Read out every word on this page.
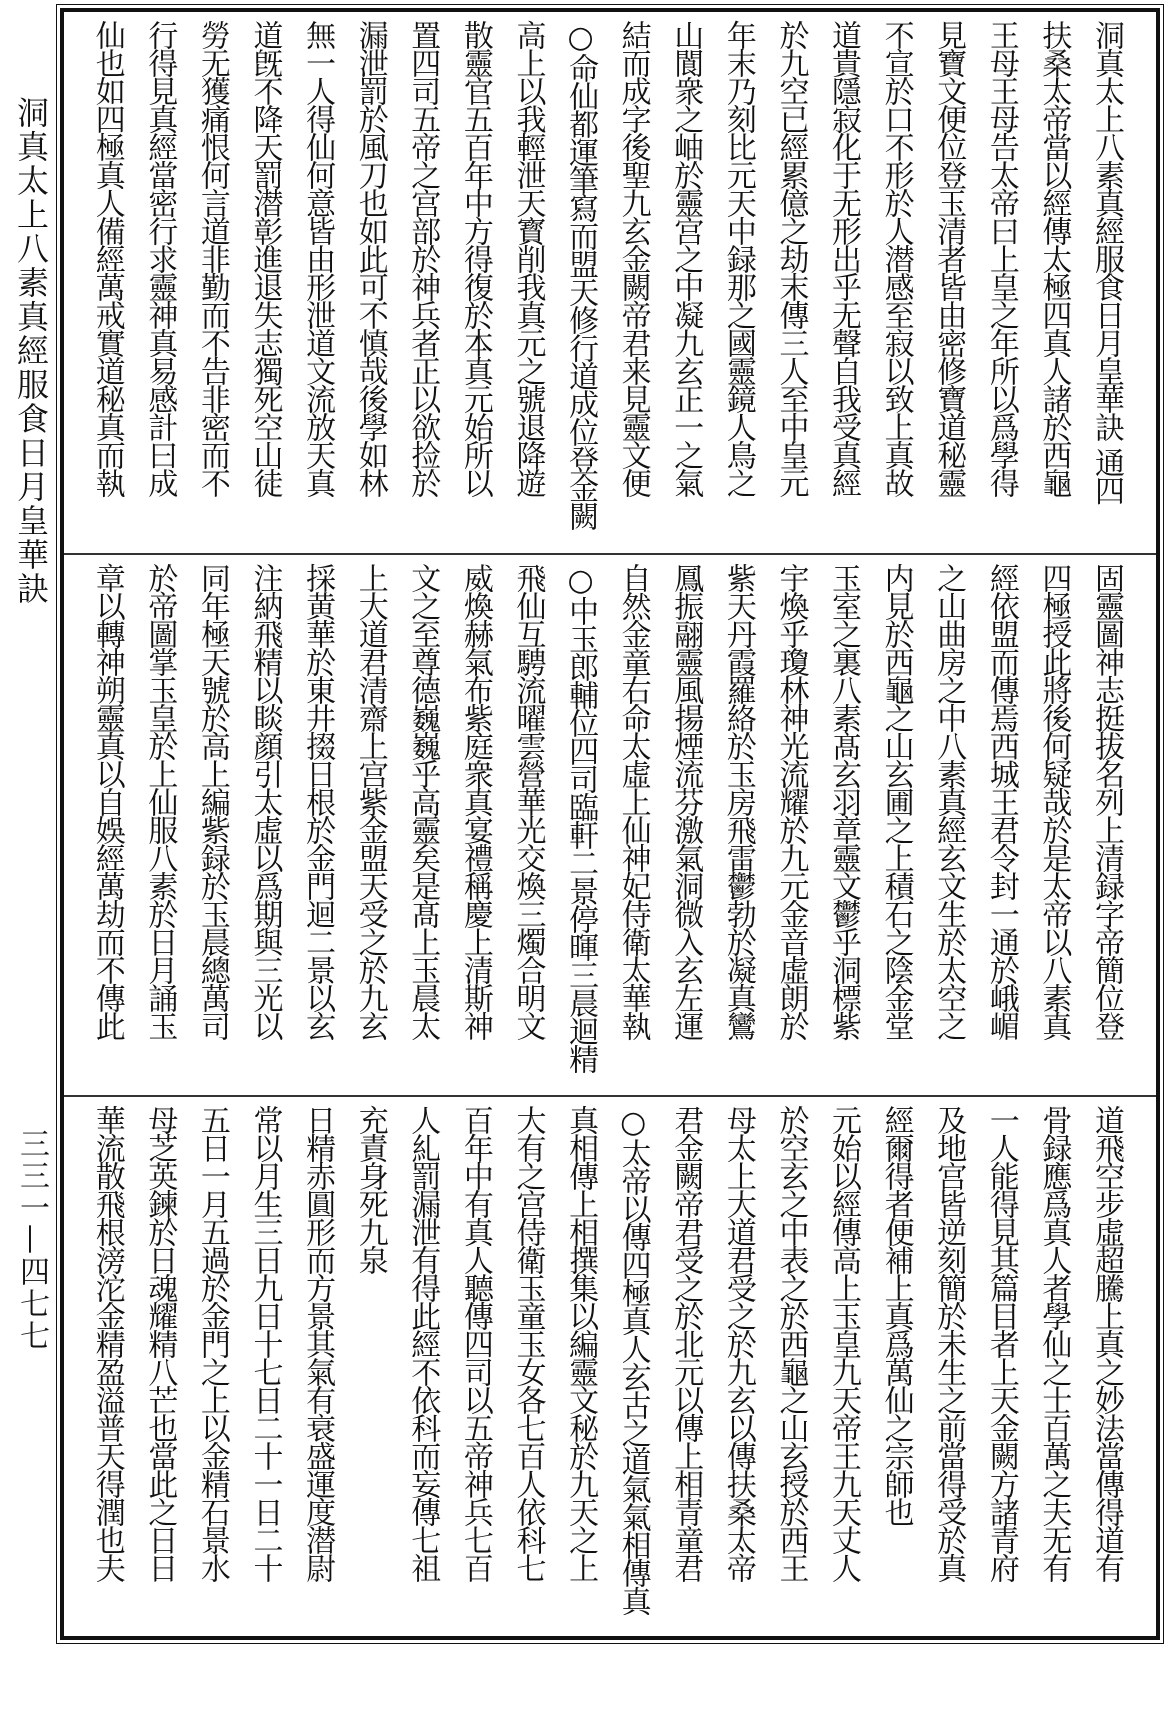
洞真太上八素真經服食日月皇華訣
三三一—四七七
洞真太上八素真經服食日月皇華訣 通四
扶桑太帝當以經傳太極四真人諸於西龜
王母王母告太帝曰上皇之年所以爲學得
見寶文便位登玉清者皆由密修寶道秘靈
不宣於口不形於人潜感至寂以致上真故
道貴隱寂化于无形出乎无聲自我受真經
於九空已經累億之劫末傳三人至中皇元
年末乃刻比元天中録那之國靈鏡人鳥之
山閬衆之岫於靈宫之中凝九玄正一之氣
結而成字後聖九玄金闕帝君来見靈文便
○命仙都運筆寫而盟天修行道成位登金闕
高上以我輕泄天寳削我真元之號退降遊
散靈官五百年中方得復於本真元始所以
置四司五帝之宫部於神兵者正以欲捡於
漏泄罰於風刀也如此可不慎哉後學如林
無一人得仙何意皆由形泄道文流放天真
道旣不降天罰潜彰進退失志獨死空山徒
勞无獲痛恨何言道非勤而不告非密而不
行得見真經當密行求靈神真易感計曰成
仙也如四極真人備經萬戒實道秘真而執
固靈圖神志挺拔名列上清録字帝簡位登
四極授此將後何疑哉於是太帝以八素真
經依盟而傳焉西城王君令封一通於峨嵋
之山曲房之中八素真經玄文生於太空之
内見於西龜之山玄圃之上積石之陰金堂
玉室之裏八素髙玄羽章靈文鬱乎洞標紫
宇煥乎瓊林神光流耀於九元金音虛朗於
紫天丹霞羅絡於玉房飛雷鬱勃於凝真鸞
鳳振翮靈風揚煙流芬激氣洞微入玄左運
自然金童右命太虛上仙神妃侍衛太華執
○中玉郎輔位四司臨軒二景停暉三晨迴精
飛仙互騁流曜雲營華光交煥三燭合明文
威煥赫氣布紫庭衆真宴禮稱慶上清斯神
文之至尊德巍巍乎高靈矣是髙上玉晨太
上大道君清齋上宫紫金盟天受之於九玄
採黄華於東井掇日根於金門迴二景以玄
注納飛精以睒顔引太虛以爲期與三光以
同年極天號於高上編紫録於玉晨總萬司
於帝圖掌玉皇於上仙服八素於日月誦玉
章以轉神朔靈真以自娛經萬劫而不傳此
道飛空步虛超騰上真之妙法當傳得道有
骨録應爲真人者學仙之士百萬之夫无有
一人能得見其篇目者上天金闕方諸青府
及地宫皆逆刻簡於未生之前當得受於真
經爾得者便補上真爲萬仙之宗師也
元始以經傳高上玉皇九天帝王九天丈人
於空玄之中表之於西龜之山玄授於西王
母太上大道君受之於九玄以傳扶桑太帝
君金闕帝君受之於北元以傳上相青童君
○太帝以傳四極真人玄古之道氣氣相傳真
真相傳上相撰集以編靈文秘於九天之上
大有之宫侍衛玉童玉女各七百人依科七
百年中有真人聽傳四司以五帝神兵七百
人糺罰漏泄有得此經不依科而妄傳七祖
充責身死九泉
日精赤圓形而方景其氣有衰盛運度潜尉
常以月生三日九日十七日二十一日二十
五日一月五過於金門之上以金精石景水
母芝英鍊於日魂耀精八芒也當此之日日
華流散飛根滂沱金精盈溢普天得潤也夫
